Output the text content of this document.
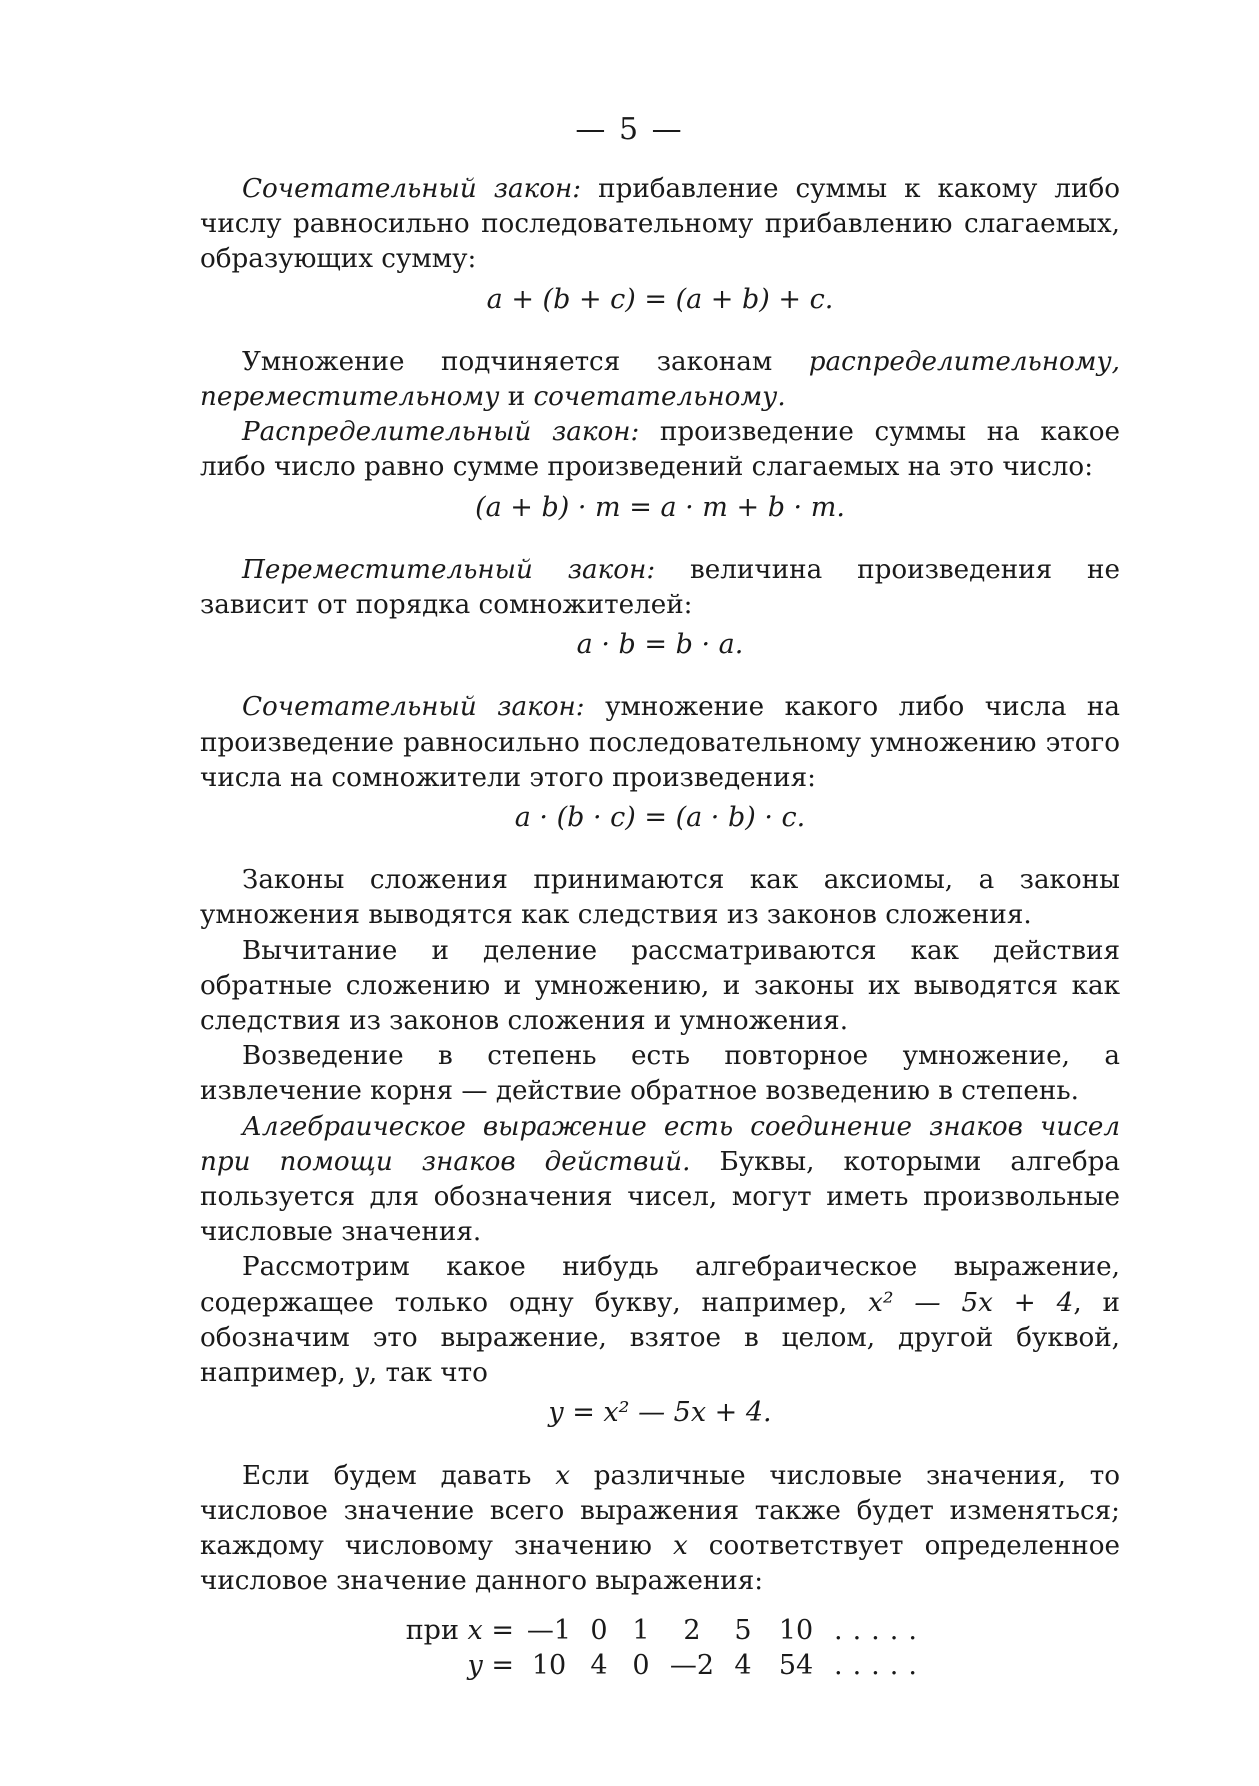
— 5 —

Сочетательный закон: прибавление суммы к какому либо числу равносильно последовательному прибавлению слагаемых, образующих сумму:

a + (b + c) = (a + b) + c.

Умножение подчиняется законам распределительному, переместительному и сочетательному.

Распределительный закон: произведение суммы на какое либо число равно сумме произведений слагаемых на это число:

(a + b) · m = a · m + b · m.

Переместительный закон: величина произведения не зависит от порядка сомножителей:

a · b = b · a.

Сочетательный закон: умножение какого либо числа на произведение равносильно последовательному умножению этого числа на сомножители этого произведения:

a · (b · c) = (a · b) · c.

Законы сложения принимаются как аксиомы, а законы умножения выводятся как следствия из законов сложения.

Вычитание и деление рассматриваются как действия обратные сложению и умножению, и законы их выводятся как следствия из законов сложения и умножения.

Возведение в степень есть повторное умножение, а извлечение корня — действие обратное возведению в степень.

Алгебраическое выражение есть соединение знаков чисел при помощи знаков действий. Буквы, которыми алгебра пользуется для обозначения чисел, могут иметь произвольные числовые значения.

Рассмотрим какое нибудь алгебраическое выражение, содержащее только одну букву, например, x² — 5x + 4, и обозначим это выражение, взятое в целом, другой буквой, например, y, так что

y = x² — 5x + 4.

Если будем давать x различные числовые значения, то числовое значение всего выражения также будет изменяться; каждому числовому значению x соответствует определенное числовое значение данного выражения:

при x = —1 0 1	2	5	10 .....
y = 10 4 0 —2 4	54 .....
